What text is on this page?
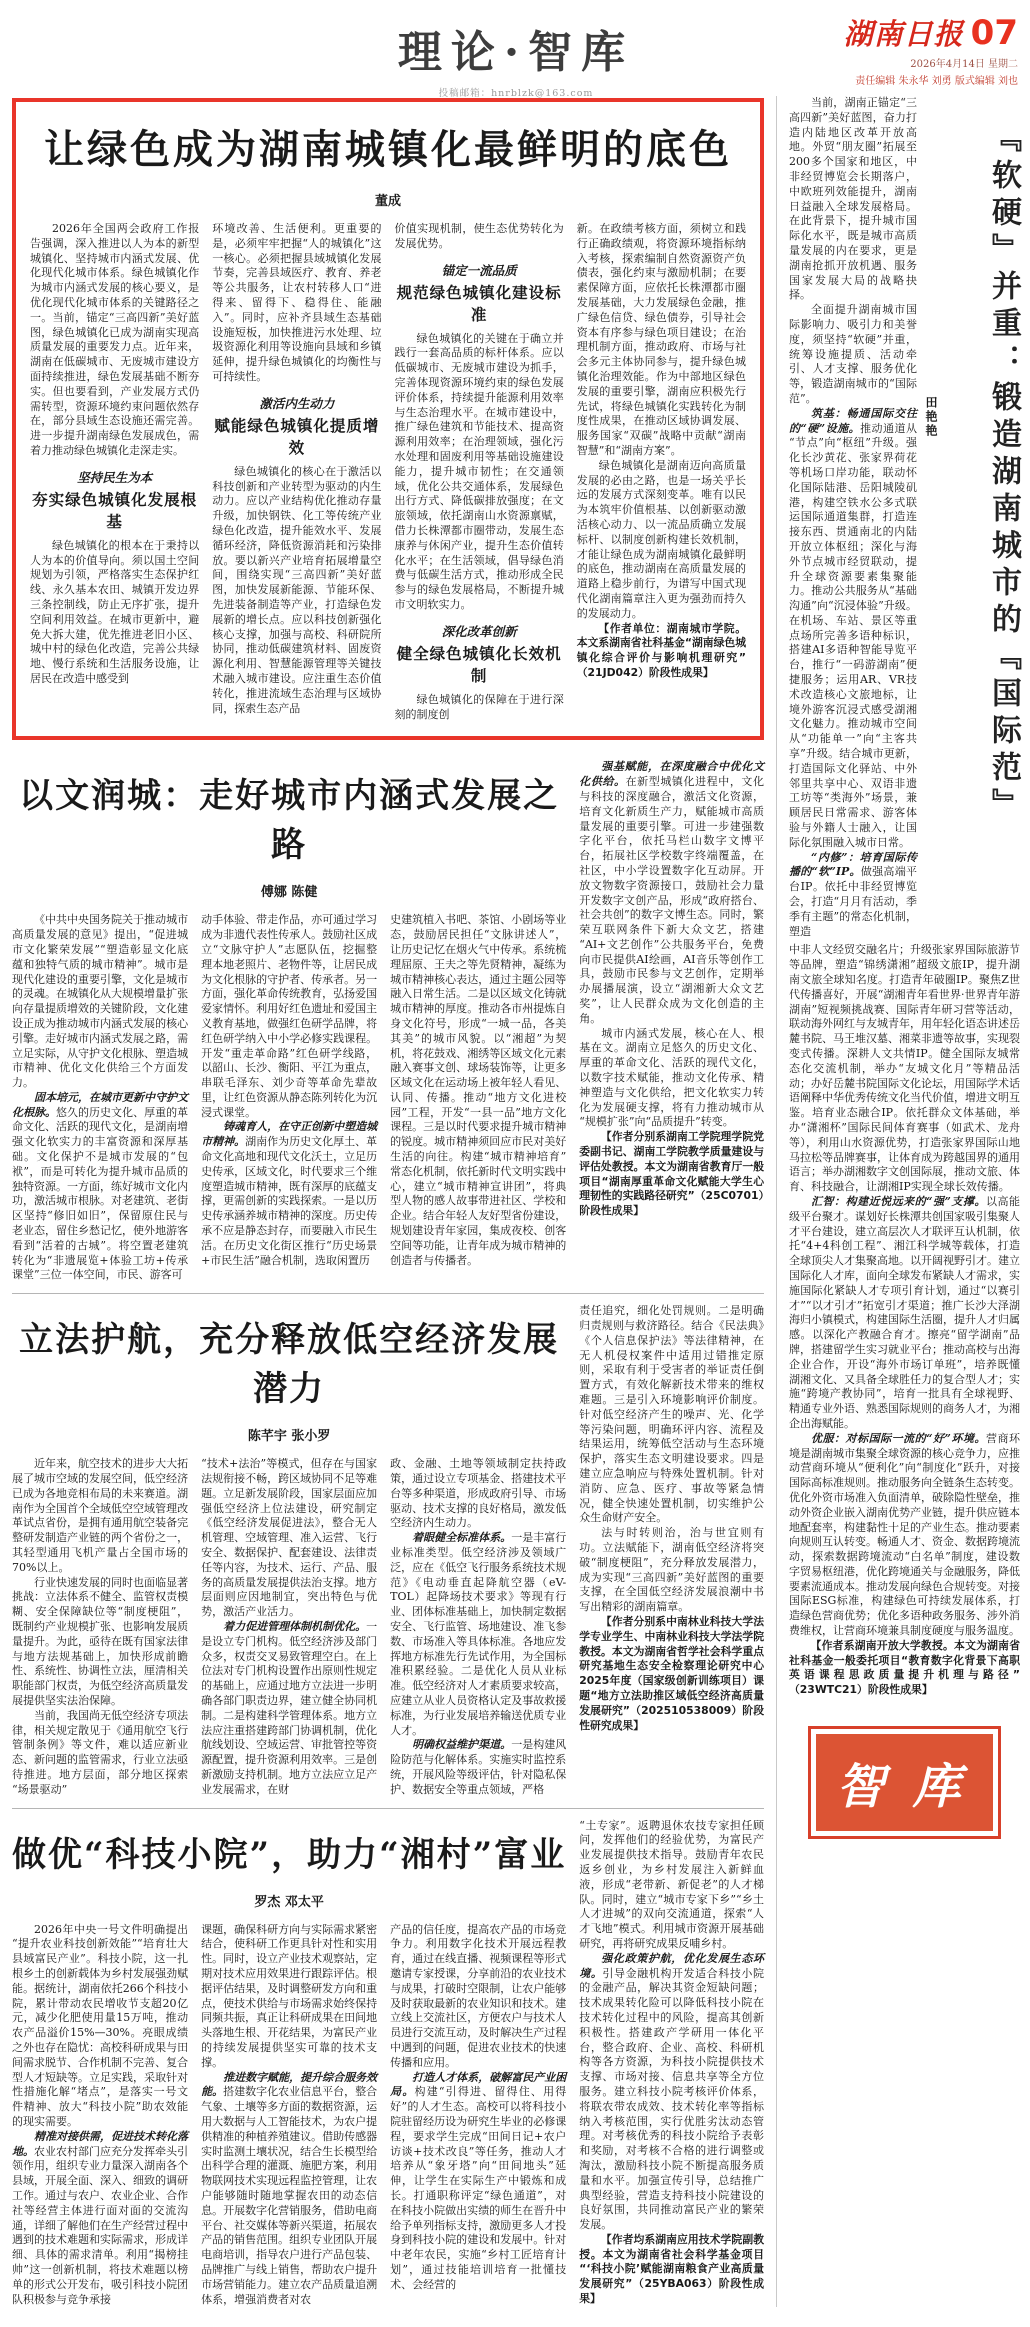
理论·智库
投稿邮箱：hnrblzk@163.com
湖南日报 07
2026年4月14日 星期二
责任编辑 朱永华 刘勇 版式编辑 刘也
让绿色成为湖南城镇化最鲜明的底色
董成

2026年全国两会政府工作报告强调，深入推进以人为本的新型城镇化、坚持城市内涵式发展、优化现代化城市体系。绿色城镇化作为城市内涵式发展的核心要义，是优化现代化城市体系的关键路径之一。当前，锚定“三高四新”美好蓝图，绿色城镇化已成为湖南实现高质量发展的重要发力点。近年来，湖南在低碳城市、无废城市建设方面持续推进，绿色发展基础不断夯实。但也要看到，产业发展方式仍需转型，资源环境约束问题依然存在，部分县域生态设施还需完善。进一步提升湖南绿色发展成色，需着力推动绿色城镇化走深走实。

坚持民生为本
夯实绿色城镇化发展根基

绿色城镇化的根本在于秉持以人为本的价值导向。须以国土空间规划为引领，严格落实生态保护红线、永久基本农田、城镇开发边界三条控制线，防止无序扩张，提升空间利用效益。在城市更新中，避免大拆大建，优先推进老旧小区、城中村的绿色化改造，完善公共绿地、慢行系统和生活服务设施，让居民在改造中感受到

环境改善、生活便利。更重要的是，必须牢牢把握“人的城镇化”这一核心。必须把握县域城镇化发展节奏，完善县域医疗、教育、养老等公共服务，让农村转移人口“进得来、留得下、稳得住、能融入”。同时，应补齐县域生态基础设施短板，加快推进污水处理、垃圾资源化利用等设施向县域和乡镇延伸，提升绿色城镇化的均衡性与可持续性。

激活内生动力
赋能绿色城镇化提质增效

绿色城镇化的核心在于激活以科技创新和产业转型为驱动的内生动力。应以产业结构优化推动存量升级，加快钢铁、化工等传统产业绿色化改造，提升能效水平、发展循环经济，降低资源消耗和污染排放。要以新兴产业培育拓展增量空间，围绕实现“三高四新”美好蓝图，加快发展新能源、节能环保、先进装备制造等产业，打造绿色发展新的增长点。应以科技创新强化核心支撑，加强与高校、科研院所协同，推动低碳建筑材料、固废资源化利用、智慧能源管理等关键技术融入城市建设。应注重生态价值转化，推进流域生态治理与区域协同，探索生态产品

价值实现机制，使生态优势转化为发展优势。

锚定一流品质
规范绿色城镇化建设标准

绿色城镇化的关键在于确立并践行一套高品质的标杆体系。应以低碳城市、无废城市建设为抓手，完善体现资源环境约束的绿色发展评价体系，持续提升能源利用效率与生态治理水平。在城市建设中，推广绿色建筑和节能技术、提高资源利用效率；在治理领域，强化污水处理和固废利用等基础设施建设能力，提升城市韧性；在交通领域，优化公共交通体系，发展绿色出行方式、降低碳排放强度；在文旅领域，依托湖南山水资源禀赋，借力长株潭都市圈带动，发展生态康养与休闲产业，提升生态价值转化水平；在生活领域，倡导绿色消费与低碳生活方式，推动形成全民参与的绿色发展格局，不断提升城市文明软实力。

深化改革创新
健全绿色城镇化长效机制

绿色城镇化的保障在于进行深刻的制度创

新。在政绩考核方面，须树立和践行正确政绩观，将资源环境指标纳入考核，探索编制自然资源资产负债表，强化约束与激励机制；在要素保障方面，应依托长株潭都市圈发展基础，大力发展绿色金融，推广绿色信贷、绿色债券，引导社会资本有序参与绿色项目建设；在治理机制方面，推动政府、市场与社会多元主体协同参与，提升绿色城镇化治理效能。作为中部地区绿色发展的重要引擎，湖南应积极先行先试，将绿色城镇化实践转化为制度性成果，在推动区域协调发展、服务国家“双碳”战略中贡献“湖南智慧”和“湖南方案”。

绿色城镇化是湖南迈向高质量发展的必由之路，也是一场关乎长远的发展方式深刻变革。唯有以民为本筑牢价值根基、以创新驱动激活核心动力、以一流品质确立发展标杆、以制度创新构建长效机制，才能让绿色成为湖南城镇化最鲜明的底色，推动湖南在高质量发展的道路上稳步前行，为谱写中国式现代化湖南篇章注入更为强劲而持久的发展动力。

【作者单位：湖南城市学院。本文系湖南省社科基金“湖南绿色城镇化综合评价与影响机理研究”（21JD042）阶段性成果】

以文润城：走好城市内涵式发展之路
傅娜 陈健

《中共中央国务院关于推动城市高质量发展的意见》提出，“促进城市文化繁荣发展”“塑造彰显文化底蕴和独特气质的城市精神”。城市是现代化建设的重要引擎，文化是城市的灵魂。在城镇化从大规模增量扩张向存量提质增效的关键阶段，文化建设正成为推动城市内涵式发展的核心引擎。走好城市内涵式发展之路，需立足实际，从守护文化根脉、塑造城市精神、优化文化供给三个方面发力。

固本培元，在城市更新中守护文化根脉。悠久的历史文化、厚重的革命文化、活跃的现代文化，是湖南增强文化软实力的丰富资源和深厚基础。文化保护不是城市发展的“包袱”，而是可转化为提升城市品质的独特资源。一方面，练好城市文化内功，激活城市根脉。对老建筑、老街区坚持“修旧如旧”，保留原住民与老业态，留住乡愁记忆，使外地游客看到“活着的古城”。将空置老建筑转化为“非遗展览+体验工坊+传承课堂”三位一体空间，市民、游客可

动手体验、带走作品，亦可通过学习成为非遗代表性传承人。鼓励社区成立“文脉守护人”志愿队伍，挖掘整理本地老照片、老物件等，让居民成为文化根脉的守护者、传承者。另一方面，强化革命传统教育，弘扬爱国爱家情怀。利用好红色遗址和爱国主义教育基地，做强红色研学品牌，将红色研学纳入中小学必修实践课程。开发“重走革命路”红色研学线路，以韶山、长沙、衡阳、平江为重点，串联毛泽东、刘少奇等革命先辈故里，让红色资源从静态陈列转化为沉浸式课堂。

铸魂育人，在守正创新中塑造城市精神。湖南作为历史文化厚土、革命文化高地和现代文化沃土，立足历史传承，区域文化，时代要求三个维度塑造城市精神，既有深厚的底蕴支撑，更需创新的实践探索。一是以历史传承涵养城市精神的深度。历史传承不应是静态封存，而要融入市民生活。在历史文化街区推行“历史场景+市民生活”融合机制，选取闲置历

史建筑植入书吧、茶馆、小剧场等业态，鼓励居民担任“文脉讲述人”，让历史记忆在烟火气中传承。系统梳理屈原、王夫之等先贤精神，凝练为城市精神核心表达，通过主题公园等融入日常生活。二是以区域文化铸就城市精神的厚度。推动各市州提炼自身文化符号，形成“一城一品，各美其美”的城市风貌。以“湘超”为契机，将花鼓戏、湘绣等区域文化元素融入赛事文创、球场装饰等，让更多区域文化在运动场上被年轻人看见、认同、传播。推动“地方文化进校园”工程，开发“一县一品”地方文化课程。三是以时代要求提升城市精神的锐度。城市精神须回应市民对美好生活的向往。构建“城市精神培育”常态化机制，依托新时代文明实践中心，建立“城市精神宣讲团”，将典型人物的感人故事带进社区、学校和企业。结合年轻人友好型省份建设，规划建设青年家园，集成夜校、创客空间等功能，让青年成为城市精神的创造者与传播者。

强基赋能，在深度融合中优化文化供给。在新型城镇化进程中，文化与科技的深度融合，激活文化资源，培育文化新质生产力，赋能城市高质量发展的重要引擎。可进一步建强数字化平台，依托马栏山数字文博平台，拓展社区学校数字终端覆盖，在社区，中小学设置数字化互动屏。开放文物数字资源接口，鼓励社会力量开发数字文创产品，形成“政府搭台、社会共创”的数字文博生态。同时，繁荣互联网条件下新大众文艺，搭建“AI+文艺创作”公共服务平台，免费向市民提供AI绘画，AI音乐等创作工具，鼓励市民参与文艺创作，定期举办展播展演，设立“湖湘新大众文艺奖”，让人民群众成为文化创造的主角。

城市内涵式发展，核心在人、根基在文。湖南立足悠久的历史文化、厚重的革命文化、活跃的现代文化，以数字技术赋能，推动文化传承、精神塑造与文化供给，把文化软实力转化为发展硬支撑，将有力推动城市从“规模扩张”向“品质提升”转变。

【作者分别系湖南工学院理学院党委副书记、湖南工学院教学质量建设与评估处教授。本文为湖南省教育厅一般项目“湖南厚重革命文化赋能大学生心理韧性的实践路径研究”（25C0701）阶段性成果】

立法护航，充分释放低空经济发展潜力
陈芊宇 张小罗

近年来，航空技术的进步大大拓展了城市空域的发展空间，低空经济已成为各地竞相布局的未来赛道。湖南作为全国首个全域低空空域管理改革试点省份，是拥有通用航空装备完整研发制造产业链的两个省份之一，其轻型通用飞机产量占全国市场的70%以上。

行业快速发展的同时也面临显著挑战：立法体系不健全、监管权责模糊、安全保障缺位等“制度梗阻”，既制约产业规模扩张、也影响发展质量提升。为此，亟待在既有国家法律与地方法规基础上，加快形成前瞻性、系统性、协调性立法，厘清相关职能部门权责，为低空经济高质量发展提供坚实法治保障。

当前，我国尚无低空经济专项法律，相关规定散见于《通用航空飞行管制条例》等文件，难以适应新业态、新问题的监管需求，行业立法亟待推进。地方层面，部分地区探索“场景驱动”

“技术+法治”等模式，但存在与国家法规衔接不畅，跨区域协同不足等难题。立足新发展阶段，国家层面应加强低空经济上位法建设，研究制定《低空经济发展促进法》，整合无人机管理、空域管理、准入运营、飞行安全、数据保护、配套建设、法律责任等内容，为技术、运行、产品、服务的高质量发展提供法治支撑。地方层面则应因地制宜，突出特色与优势，激活产业活力。

着力促进管理体制机制优化。一是设立专门机构。低空经济涉及部门众多，权责交叉易致管理空白。在上位法对专门机构设置作出原则性规定的基础上，应通过地方立法进一步明确各部门职责边界，建立健全协同机制。二是构建科学管理体系。地方立法应注重搭建跨部门协调机制，优化航线划设、空域运营、审批管控等资源配置，提升资源利用效率。三是创新激励支持机制。地方立法应立足产业发展需求，在财

政、金融、土地等领域制定扶持政策，通过设立专项基金、搭建技术平台等多种渠道，形成政府引导、市场驱动、技术支撑的良好格局，激发低空经济内生动力。

着眼健全标准体系。一是丰富行业标准类型。低空经济涉及领域广泛，应在《低空飞行服务系统技术规范》《电动垂直起降航空器（eV-TOL）起降场技术要求》等现有行业、团体标准基础上，加快制定数据安全、飞行监管、场地建设、准飞参数、市场准入等具体标准。各地应发挥地方标准先行先试作用，为全国标准积累经验。二是优化人员从业标准。低空经济对人才素质要求较高，应建立从业人员资格认定及事故救援标准，为行业发展培养输送优质专业人才。

明确权益维护渠道。一是构建风险防范与化解体系。实施实时监控系统，开展风险等级评估，针对隐私保护、数据安全等重点领域，严格

责任追究，细化处罚规则。二是明确归责规则与救济路径。结合《民法典》《个人信息保护法》等法律精神，在无人机侵权案件中适用过错推定原则，采取有利于受害者的举证责任倒置方式，有效化解新技术带来的维权难题。三是引入环境影响评价制度。针对低空经济产生的噪声、光、化学等污染问题，明确环评内容、流程及结果运用，统筹低空活动与生态环境保护，落实生态文明建设要求。四是建立应急响应与特殊处置机制。针对消防、应急、医疗、事故等紧急情况，健全快速处置机制，切实维护公众生命财产安全。

法与时转则治，治与世宜则有功。立法赋能下，湖南低空经济将突破“制度梗阻”，充分释放发展潜力，成为实现“三高四新”美好蓝图的重要支撑，在全国低空经济发展浪潮中书写出精彩的湖南篇章。

【作者分别系中南林业科技大学法学专业学生、中南林业科技大学法学院教授。本文为湖南省哲学社会科学重点研究基地生态安全检察理论研究中心2025年度（国家级创新训练项目）课题“地方立法助推区域低空经济高质量发展研究”（202510538009）阶段性研究成果】

做优“科技小院”，助力“湘村”富业
罗杰 邓太平

2026年中央一号文件明确提出“提升农业科技创新效能”“培育壮大县域富民产业”。科技小院，这一扎根乡土的创新载体为乡村发展强劲赋能。据统计，湖南依托266个科技小院，累计带动农民增收节支超20亿元，减少化肥使用量15万吨，推动农产品溢价15%—30%。亮眼成绩之外也存在隐忧：高校科研成果与田间需求脱节、合作机制不完善、复合型人才短缺等。立足实践，采取针对性措施化解“堵点”，是落实一号文件精神、放大“科技小院”助农效能的现实需要。

精准对接供需，促进技术转化落地。农业农村部门应充分发挥牵头引领作用，组织专业力量深入湖南各个县域，开展全面、深入、细致的调研工作。通过与农户、农业企业、合作社等经营主体进行面对面的交流沟通，详细了解他们在生产经营过程中遇到的技术难题和实际需求，形成详细、具体的需求清单。利用“揭榜挂帅”这一创新机制，将技术难题以榜单的形式公开发布，吸引科技小院团队积极参与竞争承接

课题，确保科研方向与实际需求紧密结合，使科研工作更具针对性和实用性。同时，设立产业技术观察站，定期对技术应用效果进行跟踪评估。根据评估结果，及时调整研发方向和重点，使技术供给与市场需求始终保持同频共振，真正让科研成果在田间地头落地生根、开花结果，为富民产业的持续发展提供坚实可靠的技术支撑。

推进数字赋能，提升综合服务效能。搭建数字化农业信息平台，整合气象、土壤等多方面的数据资源，运用大数据与人工智能技术，为农户提供精准的种植养殖建议。借助传感器实时监测土壤状况，结合生长模型给出科学合理的灌溉、施肥方案，利用物联网技术实现远程监控管理，让农户能够随时随地掌握农田的动态信息。开展数字化营销服务，借助电商平台、社交媒体等新兴渠道，拓展农产品的销售范围。组织专业团队开展电商培训，指导农户进行产品包装、品牌推广与线上销售，帮助农户提升市场营销能力。建立农产品质量追溯体系，增强消费者对农

产品的信任度，提高农产品的市场竞争力。利用数字化技术开展远程教育，通过在线直播、视频课程等形式邀请专家授课，分享前沿的农业技术与成果，打破时空限制，让农户能够及时获取最新的农业知识和技术。建立线上交流社区，方便农户与技术人员进行交流互动，及时解决生产过程中遇到的问题，促进农业技术的快速传播和应用。

打造人才体系，破解富民产业困局。构建“引得进、留得住、用得好”的人才生态。高校可以将科技小院驻留经历设为研究生毕业的必修课程，要求学生完成“田间日记+农户访谈+技术改良”等任务，推动人才培养从“象牙塔”向“田间地头”延伸，让学生在实际生产中锻炼和成长。打通职称评定“绿色通道”，对在科技小院做出实绩的师生在晋升中给予单列指标支持，激励更多人才投身到科技小院的建设和发展中。针对中老年农民，实施“乡村工匠培育计划”，通过技能培训培育一批懂技术、会经营的

“土专家”。返聘退休农技专家担任顾问，发挥他们的经验优势，为富民产业发展提供技术指导。鼓励青年农民返乡创业，为乡村发展注入新鲜血液，形成“老带新、新促老”的人才梯队。同时，建立“城市专家下乡”“乡土人才进城”的双向交流通道，探索“人才飞地”模式。利用城市资源开展基础研究，再将研究成果反哺乡村。

强化政策护航，优化发展生态环境。引导金融机构开发适合科技小院的金融产品，解决其资金短缺问题；技术成果转化险可以降低科技小院在技术转化过程中的风险，提高其创新积极性。搭建政产学研用一体化平台，整合政府、企业、高校、科研机构等各方资源，为科技小院提供技术支撑、市场对接、信息共享等全方位服务。建立科技小院考核评价体系，将联农带农成效、技术转化率等指标纳入考核范围，实行优胜劣汰动态管理。对考核优秀的科技小院给予表彰和奖励，对考核不合格的进行调整或淘汰，激励科技小院不断提高服务质量和水平。加强宣传引导，总结推广典型经验，营造支持科技小院建设的良好氛围，共同推动富民产业的繁荣发展。

【作者均系湖南应用技术学院副教授。本文为湖南省社会科学基金项目“‘科技小院’赋能湖南粮食产业高质量发展研究”（25YBA063）阶段性成果】

当前，湖南正锚定“三高四新”美好蓝图，奋力打造内陆地区改革开放高地。外贸“朋友圈”拓展至200多个国家和地区，中非经贸博览会长期落户，中欧班列效能提升，湖南日益融入全球发展格局。在此背景下，提升城市国际化水平，既是城市高质量发展的内在要求，更是湖南抢抓开放机遇、服务国家发展大局的战略抉择。

全面提升湖南城市国际影响力、吸引力和美誉度，须坚持“软硬”并重，统筹设施提质、活动牵引、人才支撑、服务优化等，锻造湖南城市的“国际范”。

筑基：畅通国际交往的“硬”设施。推动通道从“节点”向“枢纽”升级。强化长沙黄花、张家界荷花等机场口岸功能，联动怀化国际陆港、岳阳城陵矶港，构建空铁水公多式联运国际通道集群，打造连接东西、贯通南北的内陆开放立体枢纽；深化与海外节点城市经贸联动，提升全球资源要素集聚能力。推动公共服务从“基础沟通”向“沉浸体验”升级。在机场、车站、景区等重点场所完善多语种标识，搭建AI多语种智能导览平台，推行“一码游湖南”便捷服务；运用AR、VR技术改造核心文旅地标，让境外游客沉浸式感受湖湘文化魅力。推动城市空间从“功能单一”向“主客共享”升级。结合城市更新，打造国际文化驿站、中外邻里共享中心、双语非遗工坊等“类海外”场景，兼顾居民日常需求、游客体验与外籍人士融入，让国际化氛围融入城市日常。

“内修”：培育国际传播的“软”IP。做强高端平台IP。依托中非经贸博览会，打造“月月有活动，季季有主题”的常态化机制，塑造

田艳艳 『软硬』并重：锻造湖南城市的『国际范』

中非人文经贸交融名片；升级张家界国际旅游节等品牌，塑造“锦绣潇湘”超级文旅IP，提升湖南文旅全球知名度。打造青年破圈IP。聚焦Z世代传播喜好，开展“湖湘青年看世界·世界青年游湖南”短视频挑战赛、国际青年研习营等活动，联动海外网红与友城青年，用年轻化语态讲述岳麓书院、马王堆汉墓、湘菜非遗等故事，实现裂变式传播。深耕人文共情IP。健全国际友城常态化交流机制，举办“友城文化月”等精品活动；办好岳麓书院国际文化论坛，用国际学术话语阐释中华优秀传统文化当代价值，增进文明互鉴。培育业态融合IP。依托群众文体基础，举办“潇湘杯”国际民间体育赛事（如武术、龙舟等），利用山水资源优势，打造张家界国际山地马拉松等品牌赛事，让体育成为跨越国界的通用语言；举办湖湘数字文创国际展，推动文旅、体育、科技融合，让湖湘IP实现全球长效传播。

汇智：构建近悦远来的“强”支撑。以高能级平台聚才。谋划好长株潭共创国家吸引集聚人才平台建设，建立高层次人才联评互认机制，依托“4+4科创工程”、湘江科学城等载体，打造全球顶尖人才集聚高地。以开阔视野引才。建立国际化人才库，面向全球发布紧缺人才需求，实施国际化紧缺人才专项引育计划，通过“以赛引才”“以才引才”拓宽引才渠道；推广长沙大泽湖海归小镇模式，构建国际生活圈，提升人才归属感。以深化产教融合育才。擦亮“留学湖南”品牌，搭建留学生实习就业平台；推动高校与出海企业合作，开设“海外市场订单班”，培养既懂湖湘文化、又具备全球胜任力的复合型人才；实施“跨境产教协同”，培育一批具有全球视野、精通专业外语、熟悉国际规则的商务人才，为湘企出海赋能。

优服：对标国际一流的“好”环境。营商环境是湖南城市集聚全球资源的核心竞争力，应推动营商环境从“便利化”向“制度化”跃升，对接国际高标准规则。推动服务向全链条生态转变。优化外资市场准入负面清单，破除隐性壁垒，推动外资企业嵌入湖南优势产业链，提升供应链本地配套率，构建黏性十足的产业生态。推动要素向规则互认转变。畅通人才、资金、数据跨境流动，探索数据跨境流动“白名单”制度，建设数字贸易枢纽港，优化跨境通关与金融服务，降低要素流通成本。推动发展向绿色合规转变。对接国际ESG标准，构建绿色可持续发展体系，打造绿色营商优势；优化多语种政务服务、涉外消费维权，让营商环境兼具制度硬度与服务温度。

【作者系湖南开放大学教授。本文为湖南省社科基金一般委托项目“教育数字化背景下高职英语课程思政质量提升机理与路径”（23WTC21）阶段性成果】

智库
